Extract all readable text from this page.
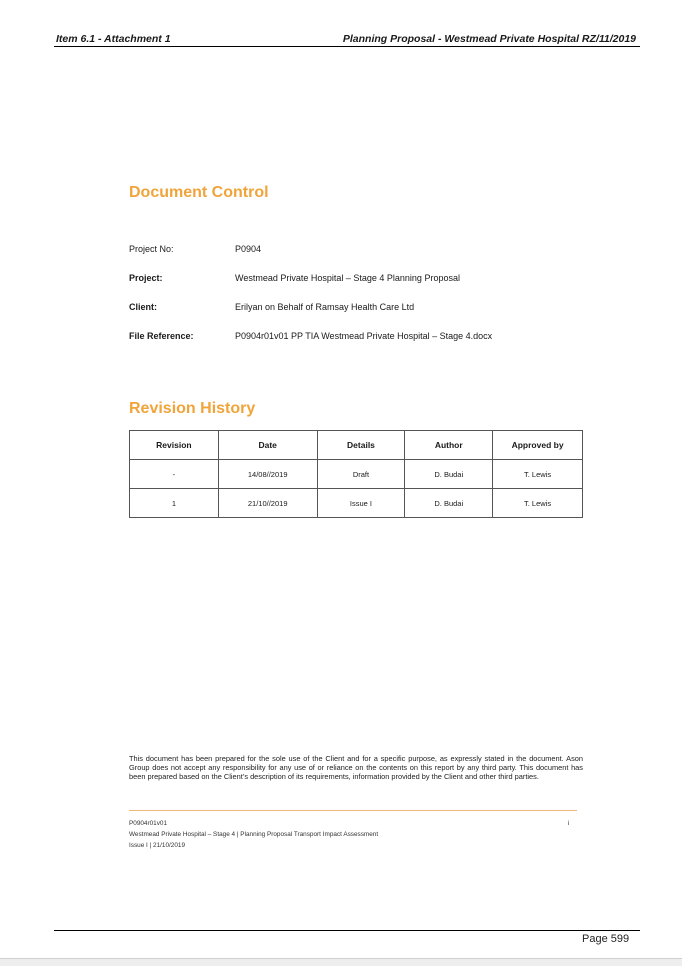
Item 6.1 - Attachment 1	Planning Proposal - Westmead Private Hospital RZ/11/2019
Document Control
Project No:	P0904
Project:	Westmead Private Hospital – Stage 4 Planning Proposal
Client:	Erilyan on Behalf of Ramsay Health Care Ltd
File Reference:	P0904r01v01 PP TIA Westmead Private Hospital – Stage 4.docx
Revision History
Revision	Date	Details	Author	Approved by
-	14/08//2019	Draft	D. Budai	T. Lewis
1	21/10//2019	Issue I	D. Budai	T. Lewis
This document has been prepared for the sole use of the Client and for a specific purpose, as expressly stated in the document. Ason Group does not accept any responsibility for any use of or reliance on the contents on this report by any third party. This document has been prepared based on the Client’s description of its requirements, information provided by the Client and other third parties.
P0904r01v01	i
Westmead Private Hospital – Stage 4 | Planning Proposal Transport Impact Assessment
Issue I | 21/10/2019
Page 599
